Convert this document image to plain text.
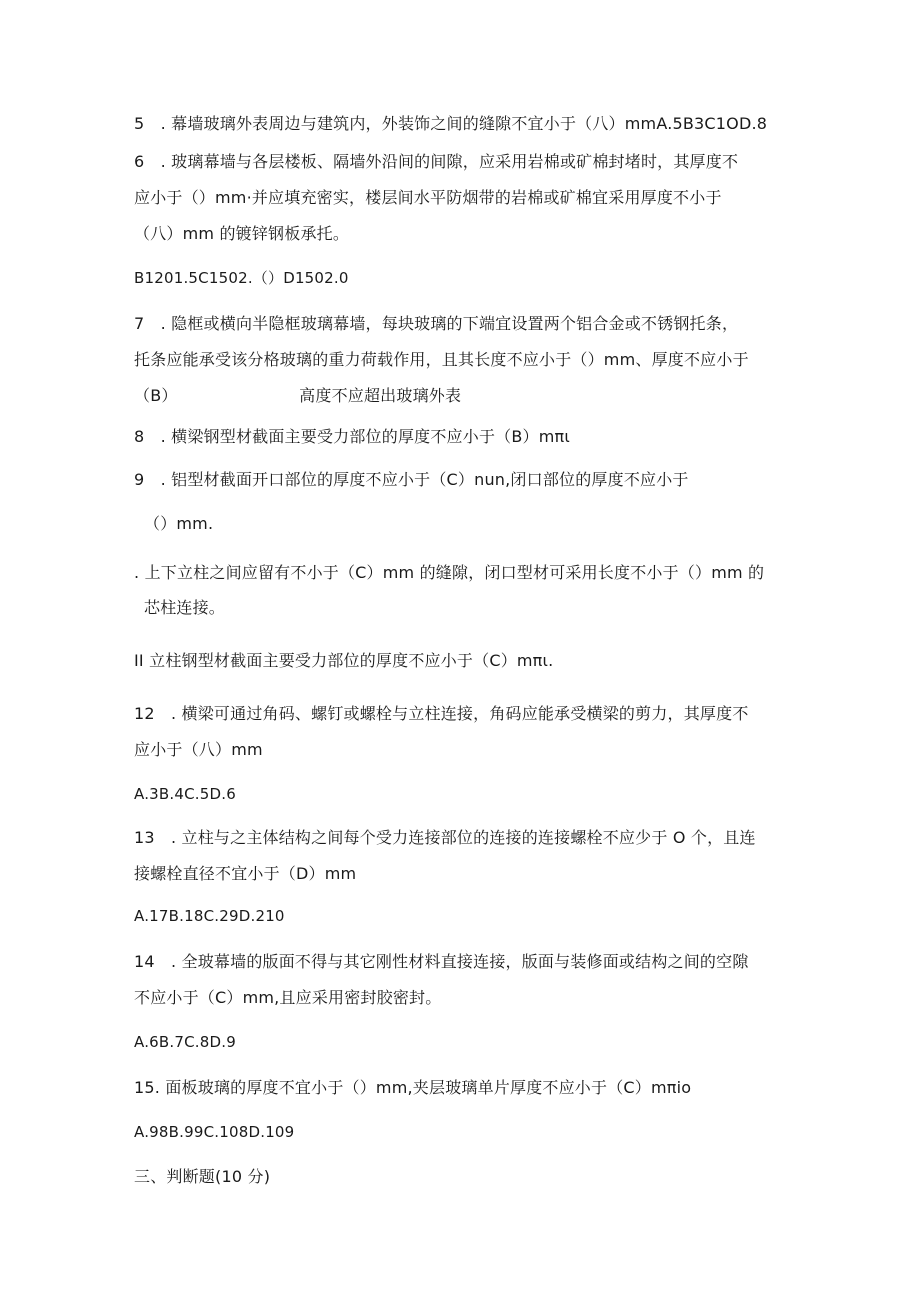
5　. 幕墙玻璃外表周边与建筑内，外装饰之间的缝隙不宜小于（八）mmA.5B3C1OD.8
6　. 玻璃幕墙与各层楼板、隔墙外沿间的间隙，应采用岩棉或矿棉封堵时，其厚度不
应小于（）mm·并应填充密实，楼层间水平防烟带的岩棉或矿棉宜采用厚度不小于
（八）mm 的镀锌钢板承托。
B1201.5C1502.（）D1502.0
7　. 隐框或横向半隐框玻璃幕墙，每块玻璃的下端宜设置两个铝合金或不锈钢托条，
托条应能承受该分格玻璃的重力荷载作用，且其长度不应小于（）mm、厚度不应小于
（B）　　　　　　　　高度不应超出玻璃外表
8　. 横梁钢型材截面主要受力部位的厚度不应小于（B）mπι
9　. 铝型材截面开口部位的厚度不应小于（C）nun,闭口部位的厚度不应小于
（）mm.
. 上下立柱之间应留有不小于（C）mm 的缝隙，闭口型材可采用长度不小于（）mm 的
芯柱连接。
II 立柱钢型材截面主要受力部位的厚度不应小于（C）mπι.
12　. 横梁可通过角码、螺钉或螺栓与立柱连接，角码应能承受横梁的剪力，其厚度不
应小于（八）mm
A.3B.4C.5D.6
13　. 立柱与之主体结构之间每个受力连接部位的连接的连接螺栓不应少于 O 个，且连
接螺栓直径不宜小于（D）mm
A.17B.18C.29D.210
14　. 全玻幕墙的版面不得与其它刚性材料直接连接，版面与装修面或结构之间的空隙
不应小于（C）mm,且应采用密封胶密封。
A.6B.7C.8D.9
15. 面板玻璃的厚度不宜小于（）mm,夹层玻璃单片厚度不应小于（C）mπio
A.98B.99C.108D.109
三、判断题(10 分)
